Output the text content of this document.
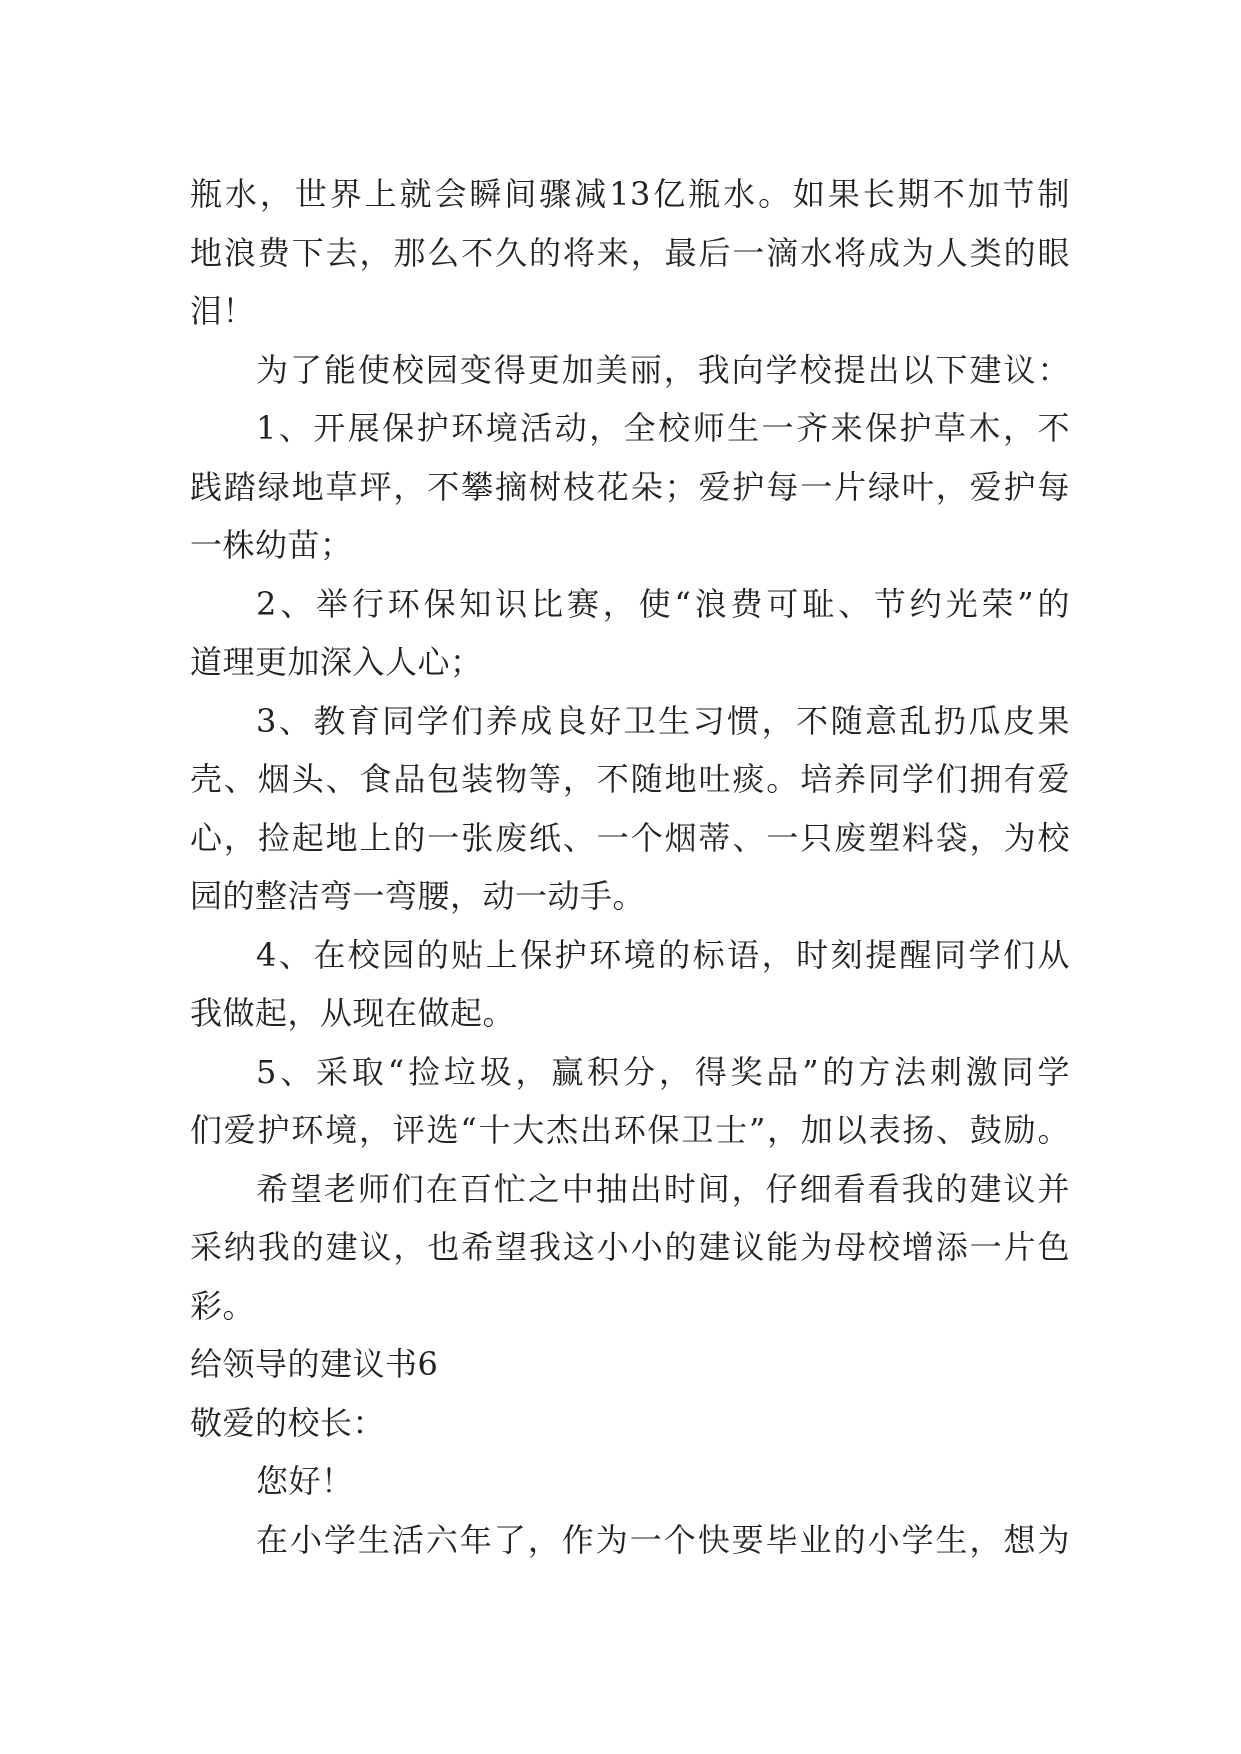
瓶水，世界上就会瞬间骤减13亿瓶水。如果长期不加节制
地浪费下去，那么不久的将来，最后一滴水将成为人类的眼
泪！
为了能使校园变得更加美丽，我向学校提出以下建议：
1、开展保护环境活动，全校师生一齐来保护草木，不
践踏绿地草坪，不攀摘树枝花朵；爱护每一片绿叶，爱护每
一株幼苗；
2、举行环保知识比赛，使“浪费可耻、节约光荣”的
道理更加深入人心；
3、教育同学们养成良好卫生习惯，不随意乱扔瓜皮果
壳、烟头、食品包装物等，不随地吐痰。培养同学们拥有爱
心，捡起地上的一张废纸、一个烟蒂、一只废塑料袋，为校
园的整洁弯一弯腰，动一动手。
4、在校园的贴上保护环境的标语，时刻提醒同学们从
我做起，从现在做起。
5、采取“捡垃圾，赢积分，得奖品”的方法刺激同学
们爱护环境，评选“十大杰出环保卫士”，加以表扬、鼓励。
希望老师们在百忙之中抽出时间，仔细看看我的建议并
采纳我的建议，也希望我这小小的建议能为母校增添一片色
彩。
给领导的建议书6
敬爱的校长：
您好！
在小学生活六年了，作为一个快要毕业的小学生，想为
